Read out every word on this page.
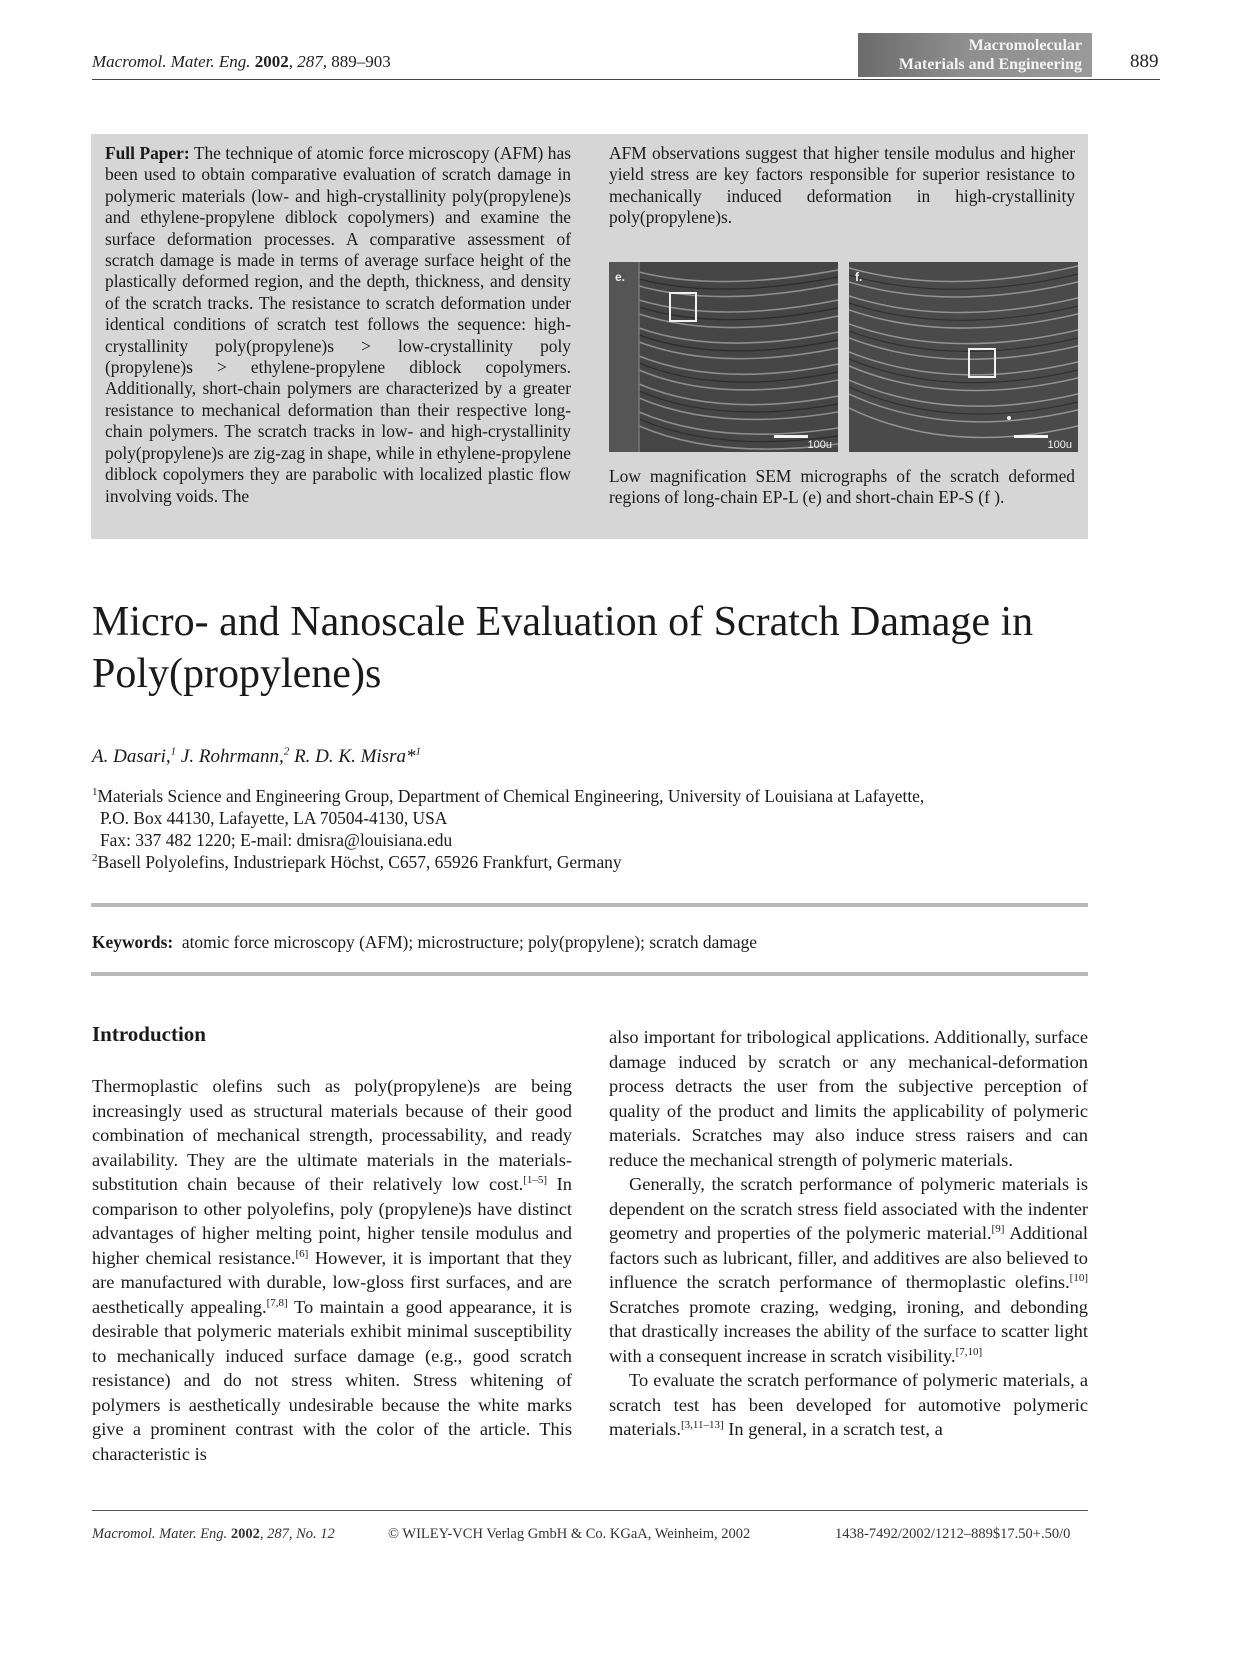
Macromol. Mater. Eng. 2002, 287, 889–903
Macromolecular
Materials and Engineering	889
Full Paper: The technique of atomic force microscopy (AFM) has been used to obtain comparative evaluation of scratch damage in polymeric materials (low- and high-crystallinity poly(propylene)s and ethylene-propylene diblock copolymers) and examine the surface deformation processes. A comparative assessment of scratch damage is made in terms of average surface height of the plastically deformed region, and the depth, thickness, and density of the scratch tracks. The resistance to scratch deformation under identical conditions of scratch test follows the sequence: high-crystallinity poly(propylene)s > low-crystallinity poly (propylene)s > ethylene-propylene diblock copolymers. Additionally, short-chain polymers are characterized by a greater resistance to mechanical deformation than their respective long-chain polymers. The scratch tracks in low- and high-crystallinity poly(propylene)s are zig-zag in shape, while in ethylene-propylene diblock copolymers they are parabolic with localized plastic flow involving voids. The
AFM observations suggest that higher tensile modulus and higher yield stress are key factors responsible for superior resistance to mechanically induced deformation in high-crystallinity poly(propylene)s.
e.
100u
f.
100u
Low magnification SEM micrographs of the scratch deformed regions of long-chain EP-L (e) and short-chain EP-S (f ).
Micro- and Nanoscale Evaluation of Scratch Damage in Poly(propylene)s
A. Dasari,$^1$ J. Rohrmann,$^2$ R. D. K. Misra*$^1$
$^1$Materials Science and Engineering Group, Department of Chemical Engineering, University of Louisiana at Lafayette,
P.O. Box 44130, Lafayette, LA 70504-4130, USA
Fax: 337 482 1220; E-mail: dmisra@louisiana.edu
$^2$Basell Polyolefins, Industriepark Höchst, C657, 65926 Frankfurt, Germany
Keywords: atomic force microscopy (AFM); microstructure; poly(propylene); scratch damage
Introduction
Thermoplastic olefins such as poly(propylene)s are being increasingly used as structural materials because of their good combination of mechanical strength, processability, and ready availability. They are the ultimate materials in the materials-substitution chain because of their relatively low cost.[1–5] In comparison to other polyolefins, poly (propylene)s have distinct advantages of higher melting point, higher tensile modulus and higher chemical resistance.[6] However, it is important that they are manufactured with durable, low-gloss first surfaces, and are aesthetically appealing.[7,8] To maintain a good appearance, it is desirable that polymeric materials exhibit minimal susceptibility to mechanically induced surface damage (e.g., good scratch resistance) and do not stress whiten. Stress whitening of polymers is aesthetically undesirable because the white marks give a prominent contrast with the color of the article. This characteristic is

also important for tribological applications. Additionally, surface damage induced by scratch or any mechanical-deformation process detracts the user from the subjective perception of quality of the product and limits the applicability of polymeric materials. Scratches may also induce stress raisers and can reduce the mechanical strength of polymeric materials.

Generally, the scratch performance of polymeric materials is dependent on the scratch stress field associated with the indenter geometry and properties of the polymeric material.[9] Additional factors such as lubricant, filler, and additives are also believed to influence the scratch performance of thermoplastic olefins.[10] Scratches promote crazing, wedging, ironing, and debonding that drastically increases the ability of the surface to scatter light with a consequent increase in scratch visibility.[7,10]

To evaluate the scratch performance of polymeric materials, a scratch test has been developed for automotive polymeric materials.[3,11–13] In general, in a scratch test, a

Macromol. Mater. Eng. 2002, 287, No. 12	© WILEY-VCH Verlag GmbH & Co. KGaA, Weinheim, 2002	1438-7492/2002/1212–889$17.50+.50/0
